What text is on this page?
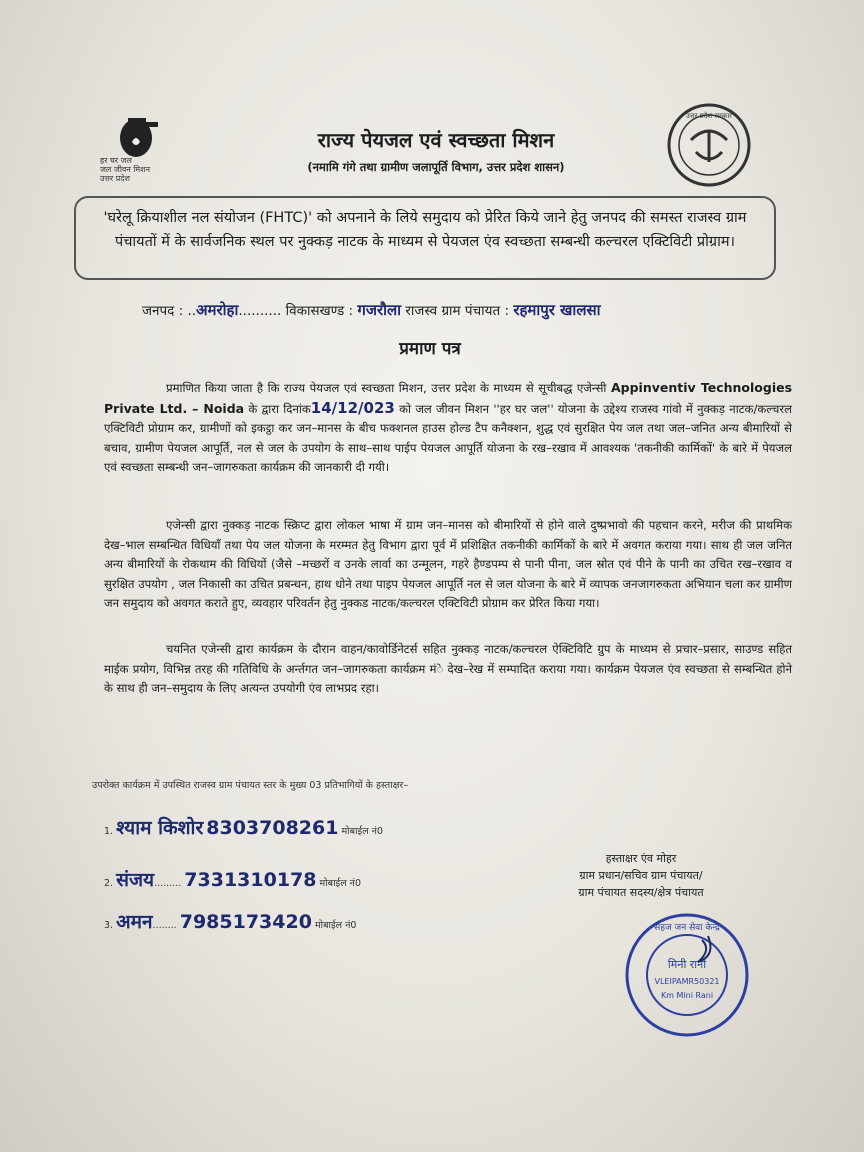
हर घर जल
जल जीवन मिशन
उत्तर प्रदेश
उत्तर प्रदेश सरकार
राज्य पेयजल एवं स्वच्छता मिशन
(नमामि गंगे तथा ग्रामीण जलापूर्ति विभाग, उत्तर प्रदेश शासन)
'घरेलू क्रियाशील नल संयोजन (FHTC)' को अपनाने के लिये समुदाय को प्रेरित किये जाने हेतु जनपद की समस्त राजस्व ग्राम पंचायतों में के सार्वजनिक स्थल पर नुक्कड़ नाटक के माध्यम से पेयजल एंव स्वच्छता सम्बन्धी कल्चरल एक्टिविटी प्रोग्राम।
जनपद : ..अमरोहा.......... विकासखण्ड : गजरौला राजस्व ग्राम पंचायत : रहमापुर खालसा
प्रमाण पत्र
प्रमाणित किया जाता है कि राज्य पेयजल एवं स्वच्छता मिशन, उत्तर प्रदेश के माध्यम से सूचीबद्ध एजेन्सी Appinventiv Technologies Private Ltd. – Noida के द्वारा दिनांक14/12/023 को जल जीवन मिशन ''हर घर जल'' योजना के उद्देश्य राजस्व गांवो में नुक्कड़ नाटक/कल्चरल एक्टिविटी प्रोग्राम कर, ग्रामीणों को इकट्ठा कर जन–मानस के बीच फक्शनल हाउस होल्ड टैप कनैक्शन, शुद्ध एवं सुरक्षित पेय जल तथा जल–जनित अन्य बीमारियों से बचाव, ग्रामीण पेयजल आपूर्ति, नल से जल के उपयोग के साथ–साथ पाईप पेयजल आपूर्ति योजना के रख–रखाव में आवश्यक 'तकनीकी कार्मिकों' के बारे में पेयजल एवं स्वच्छता सम्बन्धी जन–जागरुकता कार्यक्रम की जानकारी दी गयी।
एजेन्सी द्वारा नुक्कड़ नाटक स्क्रिप्ट द्वारा लोकल भाषा में ग्राम जन–मानस को बीमारियों से होने वाले दुष्प्रभावो की पहचान करने, मरीज की प्राथमिक देख–भाल सम्बन्धित विधियाँ तथा पेय जल योजना के मरम्मत हेतु विभाग द्वारा पूर्व में प्रशिक्षित तकनीकी कार्मिकों के बारे में अवगत कराया गया। साथ ही जल जनित अन्य बीमारियों के रोकथाम की विधियों (जैसे –मच्छरों व उनके लार्वा का उन्मूलन, गहरे हैण्डपम्प से पानी पीना, जल स्रोत एवं पीने के पानी का उचित रख–रखाव व सुरक्षित उपयोग , जल निकासी का उचित प्रबन्धन, हाथ धोने तथा पाइप पेयजल आपूर्ति नल से जल योजना के बारे में व्यापक जनजागरुकता अभियान चला कर ग्रामीण जन समुदाय को अवगत कराते हुए, व्यवहार परिवर्तन हेतु नुक्कड नाटक/कल्चरल एक्टिविटी प्रोग्राम कर प्रेरित किया गया।
चयनित एजेन्सी द्वारा कार्यक्रम के दौरान वाहन/कावोर्डिनेटर्स सहित नुक्कड़ नाटक/कल्चरल ऐक्टिविटि ग्रुप के माध्यम से प्रचार–प्रसार, साउण्ड सहित माईक प्रयोग, विभिन्न तरह की गतिविधि के अर्न्तगत जन–जागरुकता कार्यक्रम मंे देख–रेख में सम्पादित कराया गया। कार्यक्रम पेयजल एंव स्वच्छता से सम्बन्धित होने के साथ ही जन–समुदाय के लिए अत्यन्त उपयोगी एंव लाभप्रद रहा।
उपरोक्त कार्यक्रम में उपस्थित राजस्व ग्राम पंचायत स्तर के मुख्य 03 प्रतिभागियों के हस्ताक्षर–
1. श्याम किशोर 8303708261 मोबाईल नं0
2. संजय......... 7331310178 मोबाईल नं0
3. अमन........ 7985173420 मोबाईल नं0
हस्ताक्षर एंव मोहर
ग्राम प्रधान/सचिव ग्राम पंचायत/
ग्राम पंचायत सदस्य/क्षेत्र पंचायत
सहज जन सेवा केन्द्र
मिनी रानी
VLEIPAMR50321
Km Mini Rani
